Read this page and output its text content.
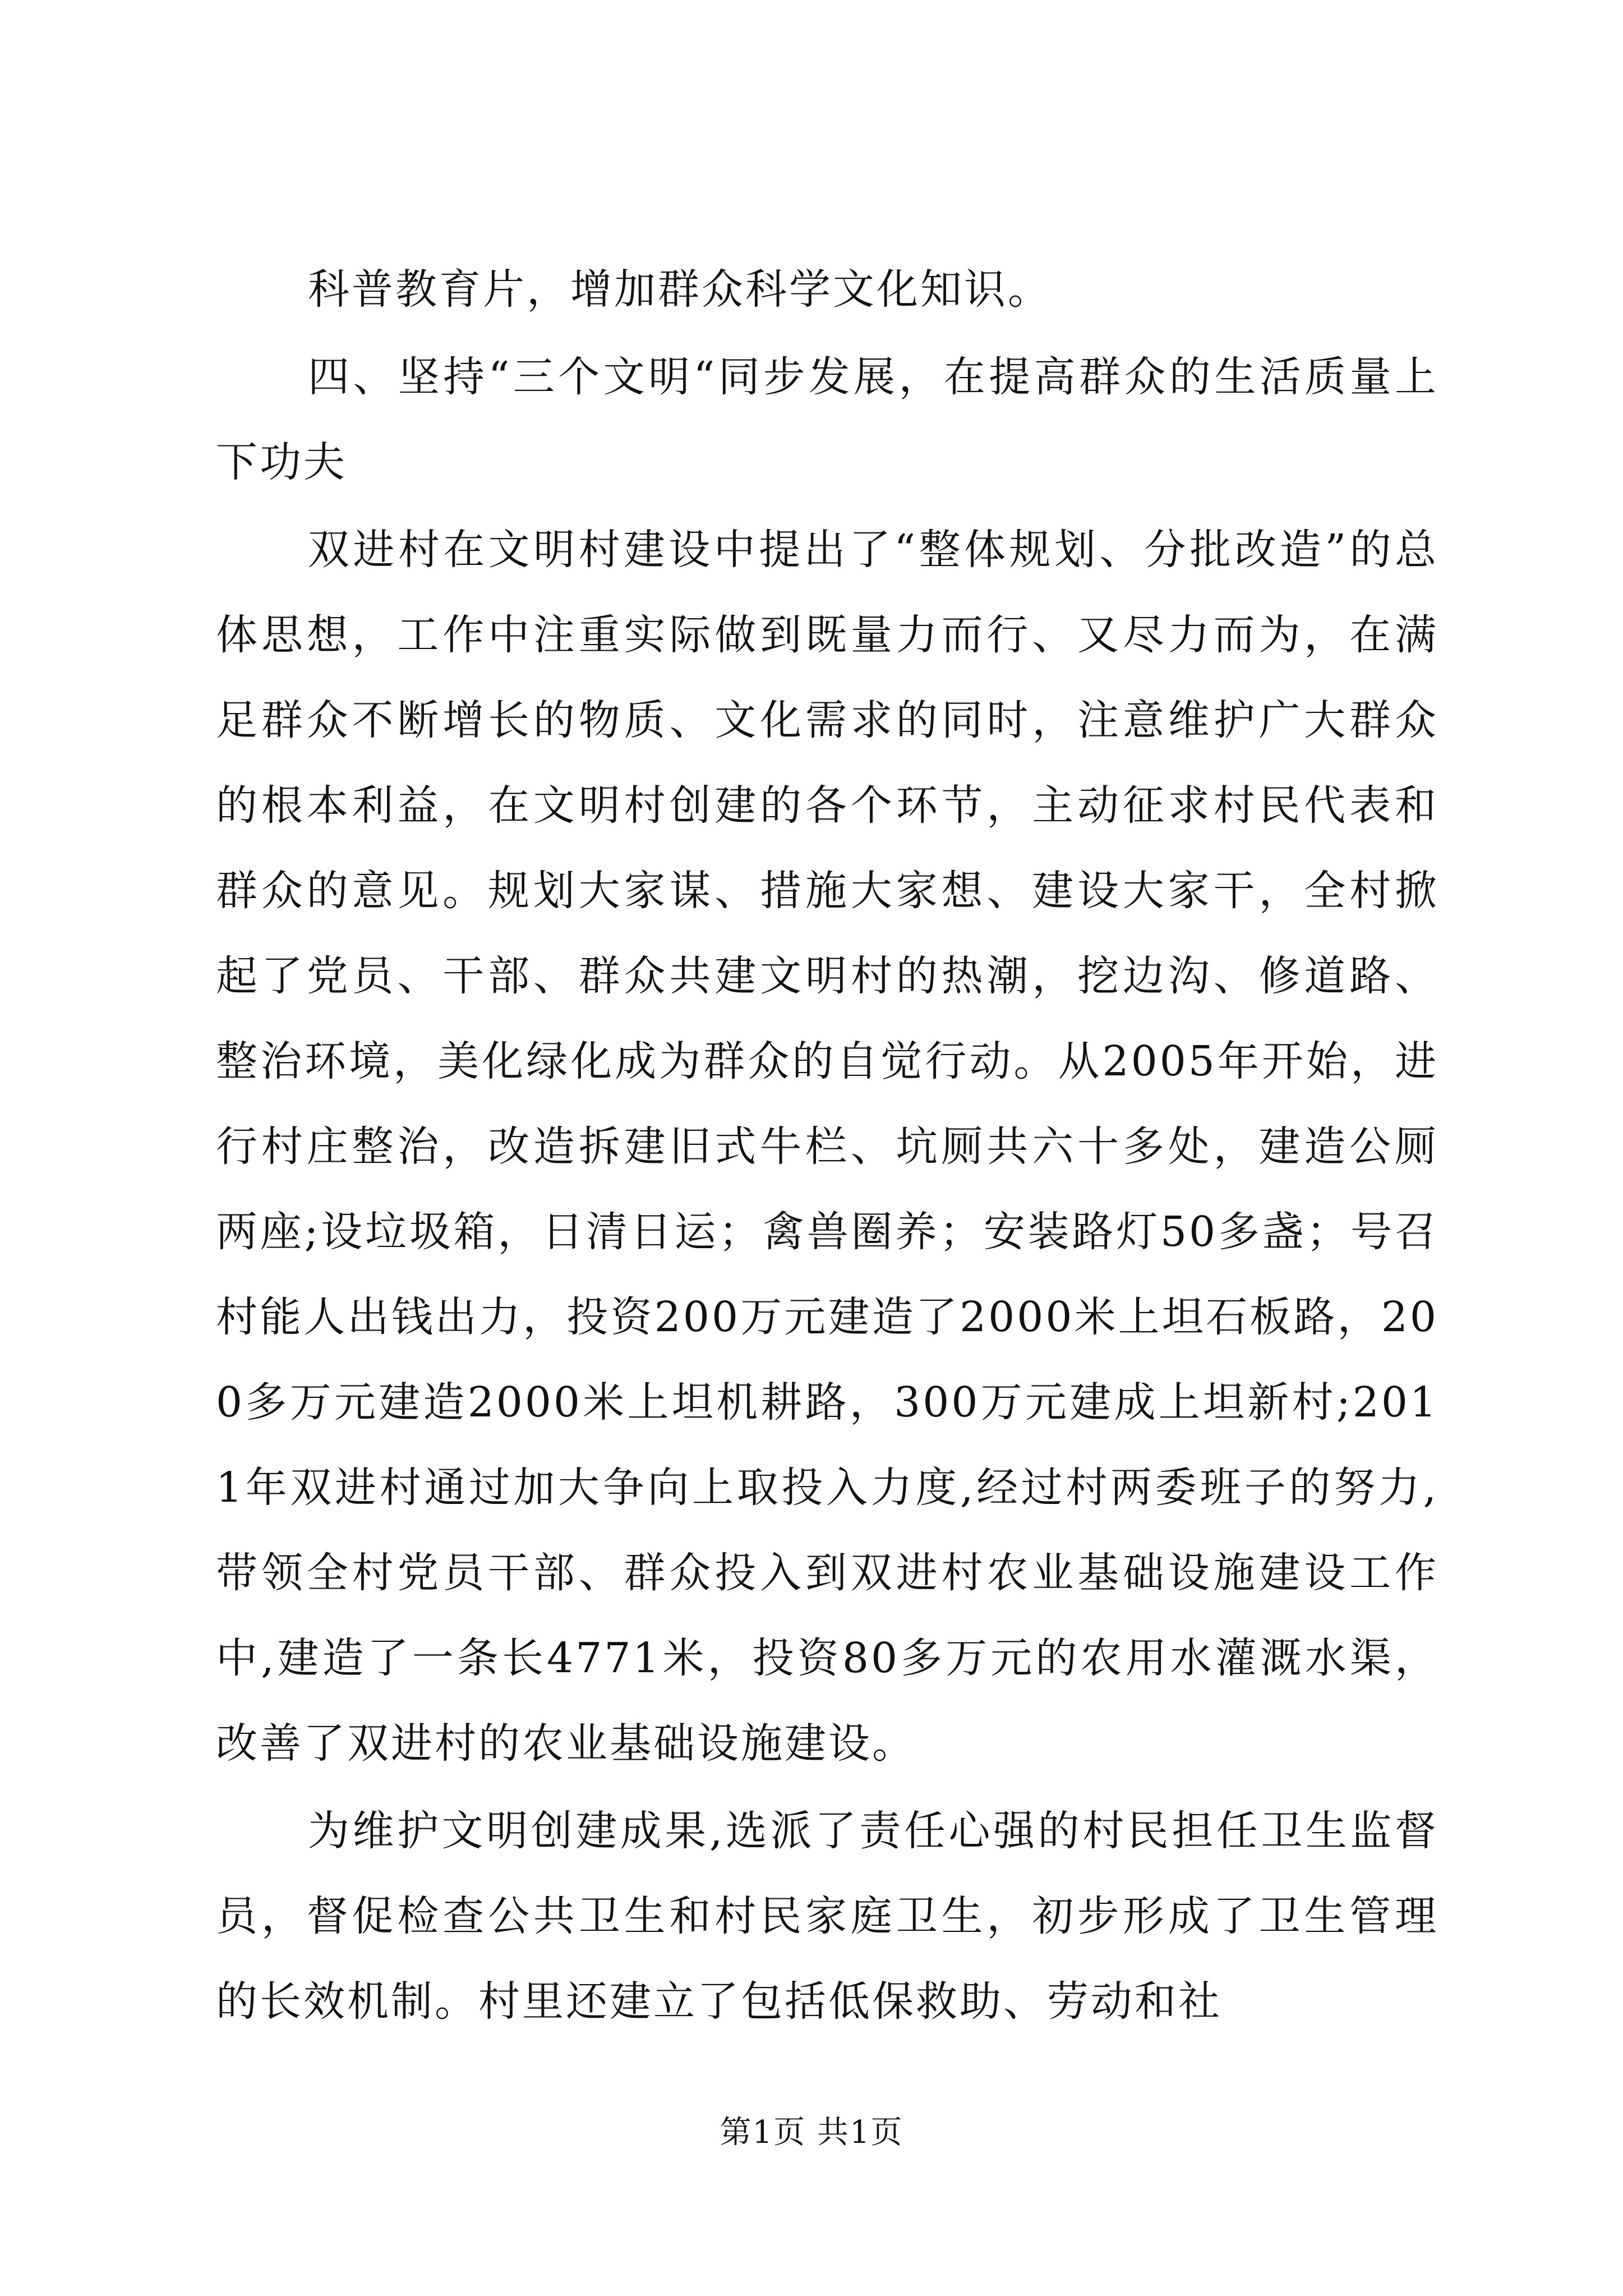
科普教育片，增加群众科学文化知识。

四、坚持“三个文明“同步发展，在提高群众的生活质量上下功夫

双进村在文明村建设中提出了“整体规划、分批改造”的总体思想，工作中注重实际做到既量力而行、又尽力而为，在满足群众不断增长的物质、文化需求的同时，注意维护广大群众的根本利益，在文明村创建的各个环节，主动征求村民代表和群众的意见。规划大家谋、措施大家想、建设大家干，全村掀起了党员、干部、群众共建文明村的热潮，挖边沟、修道路、整治环境，美化绿化成为群众的自觉行动。从2005年开始，进行村庄整治，改造拆建旧式牛栏、坑厕共六十多处，建造公厕两座;设垃圾箱，日清日运；禽兽圈养；安装路灯50多盏；号召村能人出钱出力，投资200万元建造了2000米上坦石板路，200多万元建造2000米上坦机耕路，300万元建成上坦新村;2011年双进村通过加大争向上取投入力度,经过村两委班子的努力,带领全村党员干部、群众投入到双进村农业基础设施建设工作中,建造了一条长4771米，投资80多万元的农用水灌溉水渠，改善了双进村的农业基础设施建设。

为维护文明创建成果,选派了责任心强的村民担任卫生监督员，督促检查公共卫生和村民家庭卫生，初步形成了卫生管理的长效机制。村里还建立了包括低保救助、劳动和社

第1页 共1页
